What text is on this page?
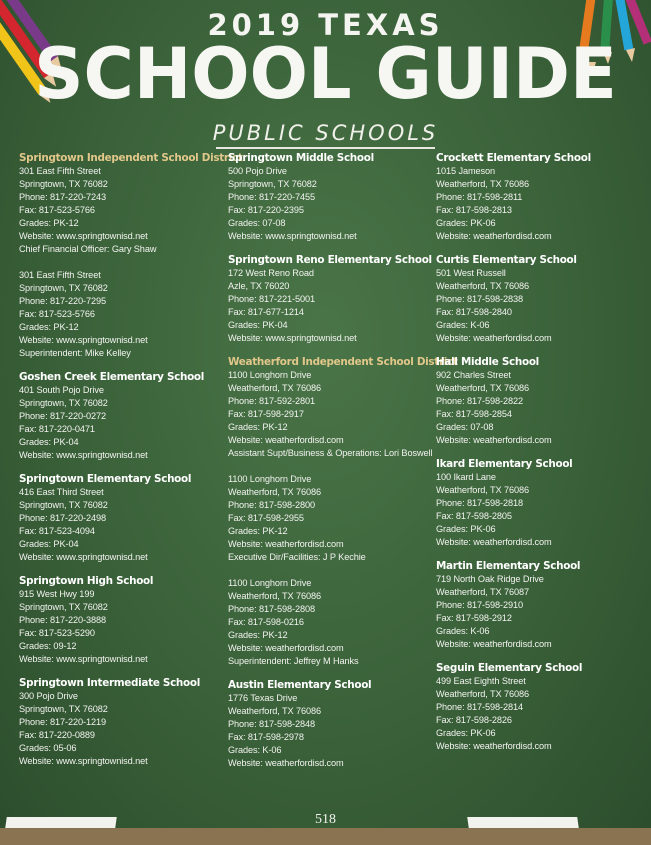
2019 TEXAS
SCHOOL GUIDE
PUBLIC SCHOOLS
Springtown Independent School District
301 East Fifth Street
Springtown, TX 76082
Phone: 817-220-7243
Fax: 817-523-5766
Grades: PK-12
Website: www.springtownisd.net
Chief Financial Officer: Gary Shaw
301 East Fifth Street
Springtown, TX 76082
Phone: 817-220-7295
Fax: 817-523-5766
Grades: PK-12
Website: www.springtownisd.net
Superintendent: Mike Kelley
Goshen Creek Elementary School
401 South Pojo Drive
Springtown, TX 76082
Phone: 817-220-0272
Fax: 817-220-0471
Grades: PK-04
Website: www.springtownisd.net
Springtown Elementary School
416 East Third Street
Springtown, TX 76082
Phone: 817-220-2498
Fax: 817-523-4094
Grades: PK-04
Website: www.springtownisd.net
Springtown High School
915 West Hwy 199
Springtown, TX 76082
Phone: 817-220-3888
Fax: 817-523-5290
Grades: 09-12
Website: www.springtownisd.net
Springtown Intermediate School
300 Pojo Drive
Springtown, TX 76082
Phone: 817-220-1219
Fax: 817-220-0889
Grades: 05-06
Website: www.springtownisd.net
Springtown Middle School
500 Pojo Drive
Springtown, TX 76082
Phone: 817-220-7455
Fax: 817-220-2395
Grades: 07-08
Website: www.springtownisd.net
Springtown Reno Elementary School
172 West Reno Road
Azle, TX 76020
Phone: 817-221-5001
Fax: 817-677-1214
Grades: PK-04
Website: www.springtownisd.net
Weatherford Independent School District
1100 Longhorn Drive
Weatherford, TX 76086
Phone: 817-592-2801
Fax: 817-598-2917
Grades: PK-12
Website: weatherfordisd.com
Assistant Supt/Business & Operations: Lori Boswell
1100 Longhorn Drive
Weatherford, TX 76086
Phone: 817-598-2800
Fax: 817-598-2955
Grades: PK-12
Website: weatherfordisd.com
Executive Dir/Facilities: J P Kechie
1100 Longhorn Drive
Weatherford, TX 76086
Phone: 817-598-2808
Fax: 817-598-0216
Grades: PK-12
Website: weatherfordisd.com
Superintendent: Jeffrey M Hanks
Austin Elementary School
1776 Texas Drive
Weatherford, TX 76086
Phone: 817-598-2848
Fax: 817-598-2978
Grades: K-06
Website: weatherfordisd.com
Crockett Elementary School
1015 Jameson
Weatherford, TX 76086
Phone: 817-598-2811
Fax: 817-598-2813
Grades: PK-06
Website: weatherfordisd.com
Curtis Elementary School
501 West Russell
Weatherford, TX 76086
Phone: 817-598-2838
Fax: 817-598-2840
Grades: K-06
Website: weatherfordisd.com
Hall Middle School
902 Charles Street
Weatherford, TX 76086
Phone: 817-598-2822
Fax: 817-598-2854
Grades: 07-08
Website: weatherfordisd.com
Ikard Elementary School
100 Ikard Lane
Weatherford, TX 76086
Phone: 817-598-2818
Fax: 817-598-2805
Grades: PK-06
Website: weatherfordisd.com
Martin Elementary School
719 North Oak Ridge Drive
Weatherford, TX 76087
Phone: 817-598-2910
Fax: 817-598-2912
Grades: K-06
Website: weatherfordisd.com
Seguin Elementary School
499 East Eighth Street
Weatherford, TX 76086
Phone: 817-598-2814
Fax: 817-598-2826
Grades: PK-06
Website: weatherfordisd.com
518
